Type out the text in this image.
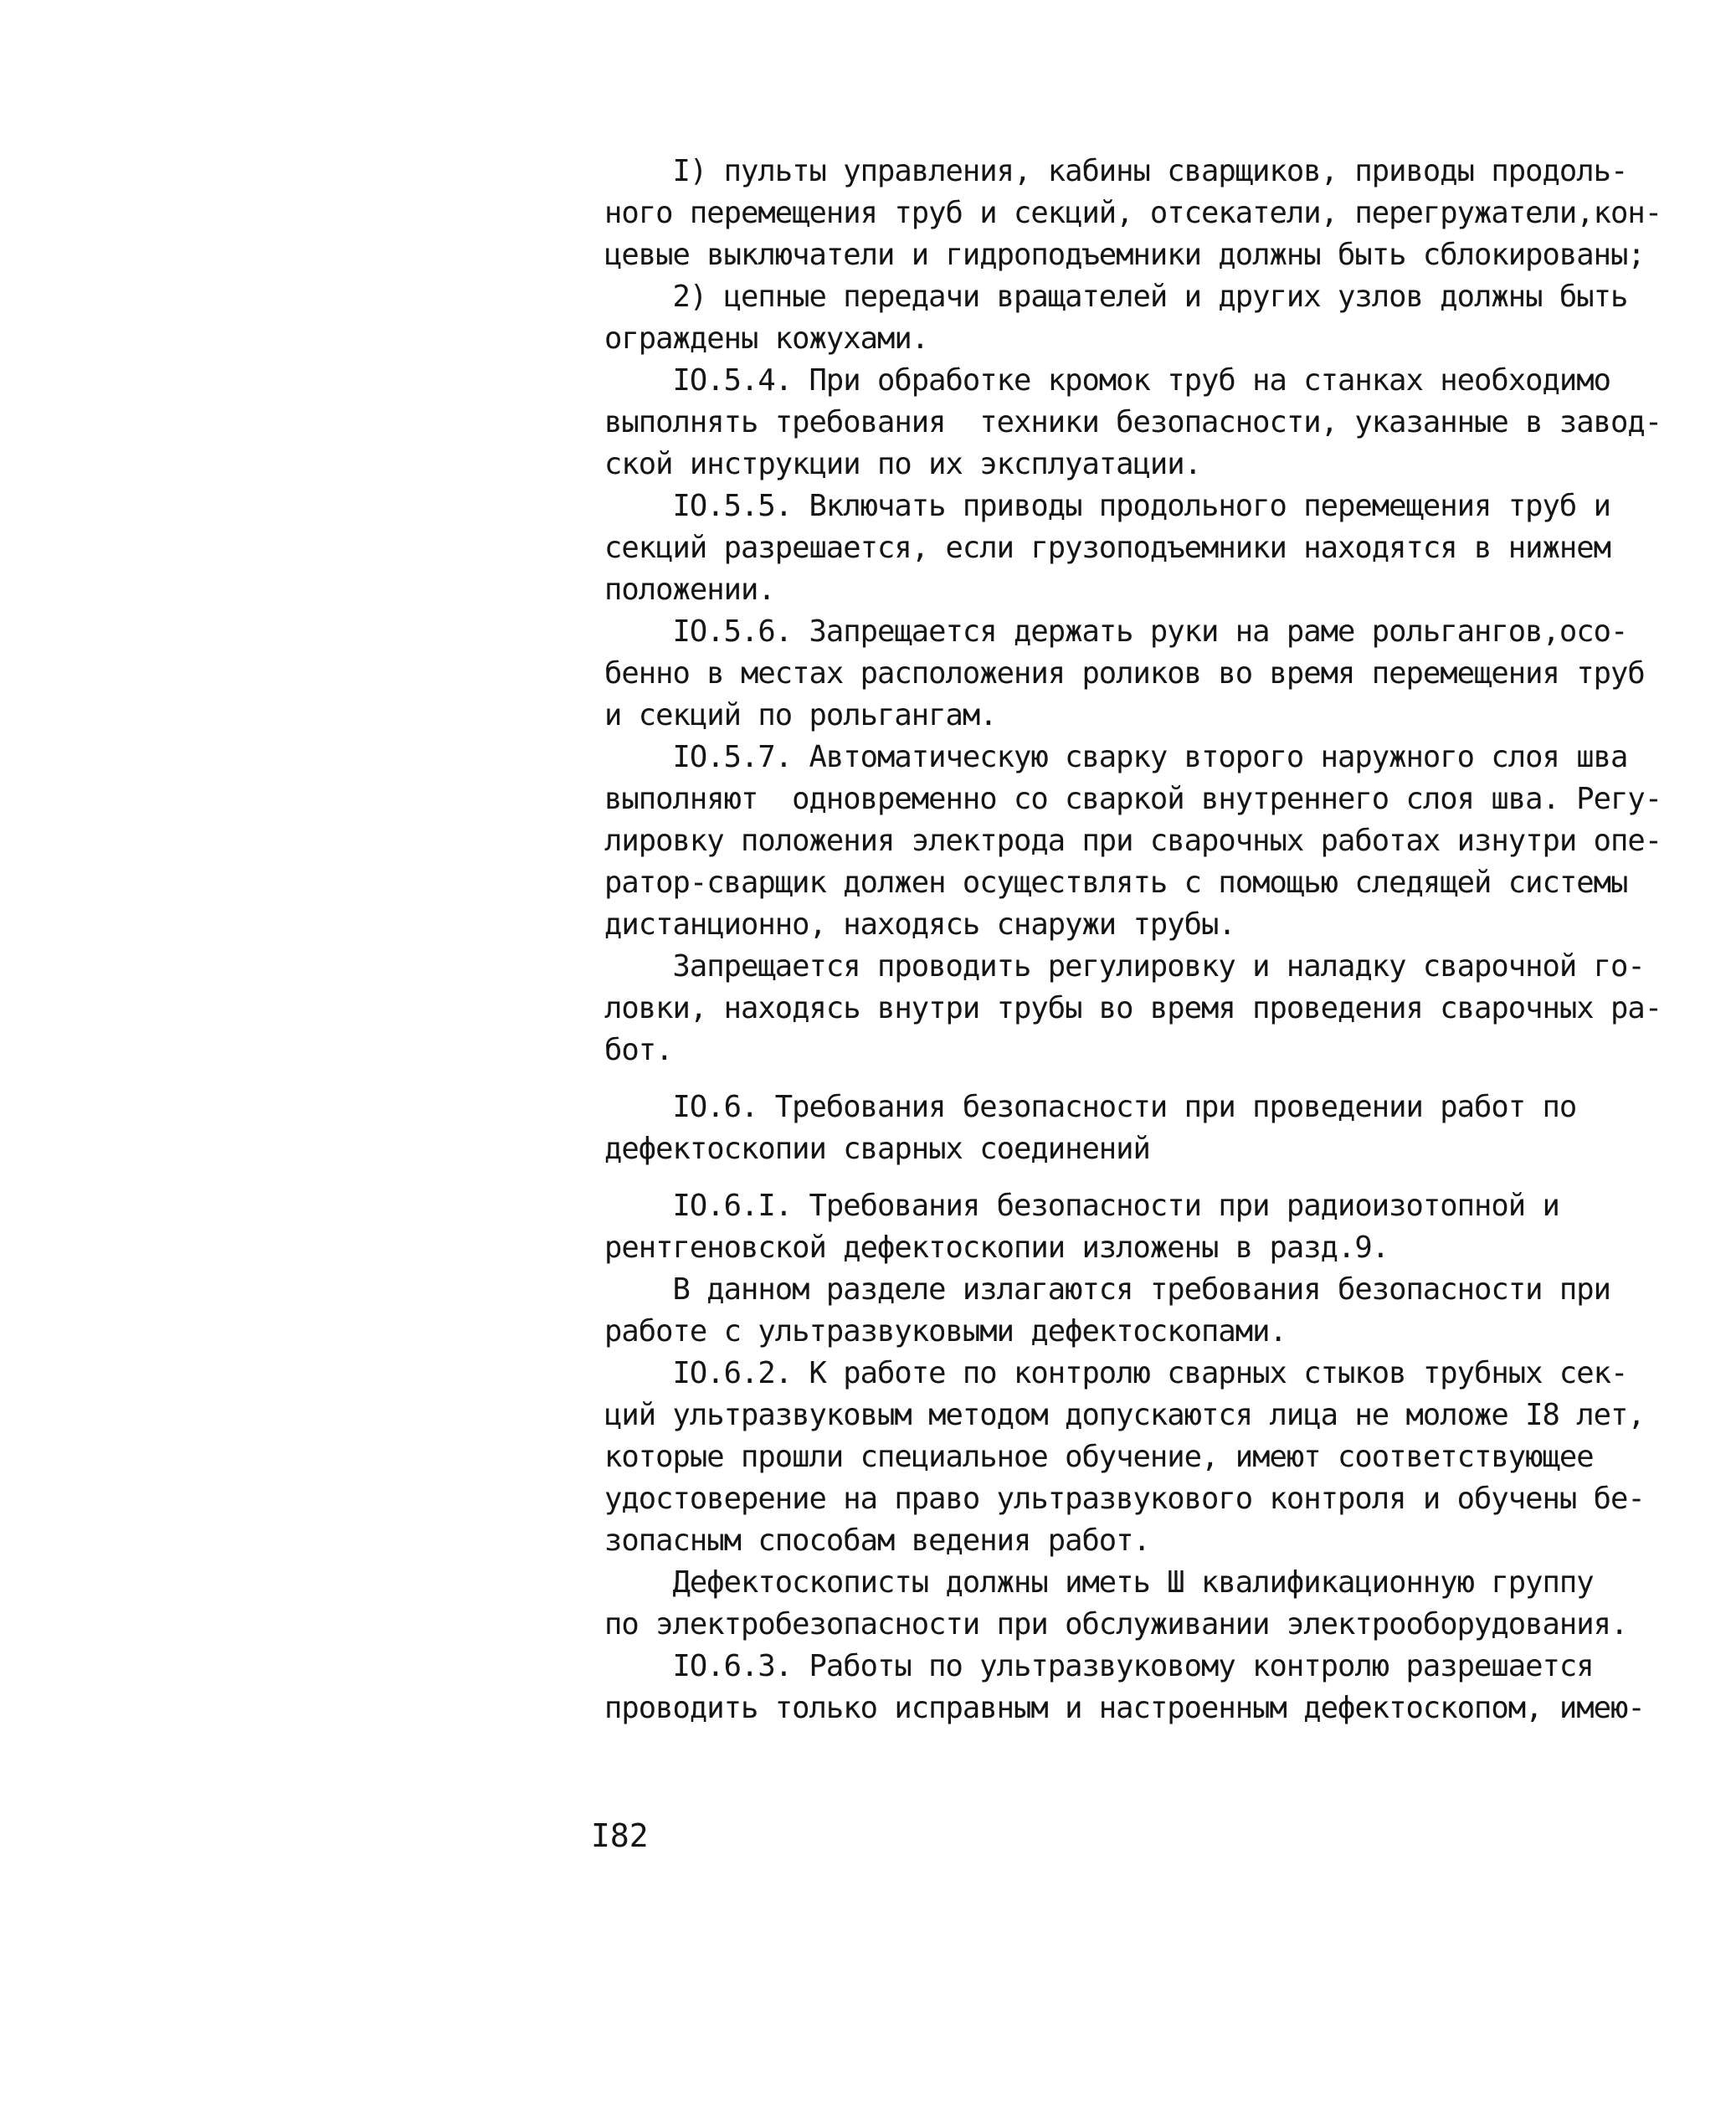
I) пульты управления, кабины сварщиков, приводы продоль-
ного перемещения труб и секций, отсекатели, перегружатели,кон-
цевые выключатели и гидроподъемники должны быть сблокированы;
2) цепные передачи вращателей и других узлов должны быть
ограждены кожухами.
IO.5.4. При обработке кромок труб на станках необходимо
выполнять требования  техники безопасности, указанные в завод-
ской инструкции по их эксплуатации.
IO.5.5. Включать приводы продольного перемещения труб и
секций разрешается, если грузоподъемники находятся в нижнем
положении.
IO.5.6. Запрещается держать руки на раме рольгангов,осо-
бенно в местах расположения роликов во время перемещения труб
и секций по рольгангам.
IO.5.7. Автоматическую сварку второго наружного слоя шва
выполняют  одновременно со сваркой внутреннего слоя шва. Регу-
лировку положения электрода при сварочных работах изнутри опе-
ратор-сварщик должен осуществлять с помощью следящей системы
дистанционно, находясь снаружи трубы.
Запрещается проводить регулировку и наладку сварочной го-
ловки, находясь внутри трубы во время проведения сварочных ра-
бот.
IO.6. Требования безопасности при проведении работ по
дефектоскопии сварных соединений
IO.6.I. Требования безопасности при радиоизотопной и
рентгеновской дефектоскопии изложены в разд.9.
В данном разделе излагаются требования безопасности при
работе с ультразвуковыми дефектоскопами.
IO.6.2. К работе по контролю сварных стыков трубных сек-
ций ультразвуковым методом допускаются лица не моложе I8 лет,
которые прошли специальное обучение, имеют соответствующее
удостоверение на право ультразвукового контроля и обучены бе-
зопасным способам ведения работ.
Дефектоскописты должны иметь Ш квалификационную группу
по электробезопасности при обслуживании электрооборудования.
IO.6.3. Работы по ультразвуковому контролю разрешается
проводить только исправным и настроенным дефектоскопом, имею-
I82
